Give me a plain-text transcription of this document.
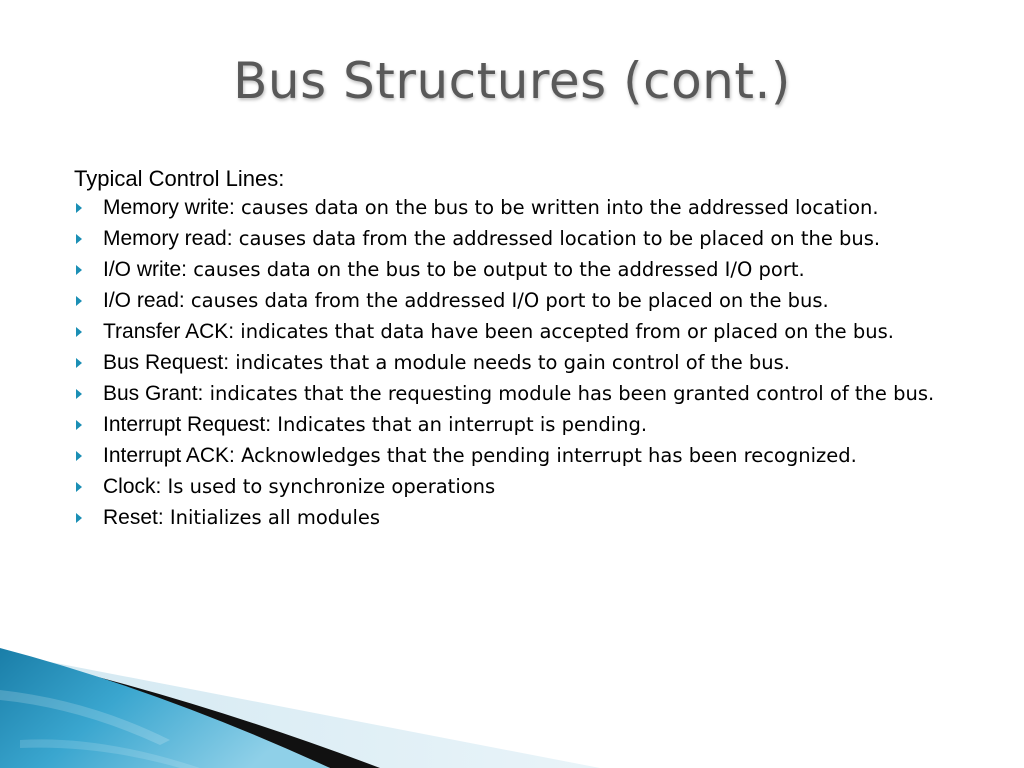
Bus Structures (cont.)
Typical Control Lines:
Memory write: causes data on the bus to be written into the addressed location.
Memory read: causes data from the addressed location to be placed on the bus.
I/O write: causes data on the bus to be output to the addressed I/O port.
I/O read: causes data from the addressed I/O port to be placed on the bus.
Transfer ACK: indicates that data have been accepted from or placed on the bus.
Bus Request: indicates that a module needs to gain control of the bus.
Bus Grant: indicates that the requesting module has been granted control of the bus.
Interrupt Request: Indicates that an interrupt is pending.
Interrupt ACK: Acknowledges that the pending interrupt has been recognized.
Clock: Is used to synchronize operations
Reset: Initializes all modules
